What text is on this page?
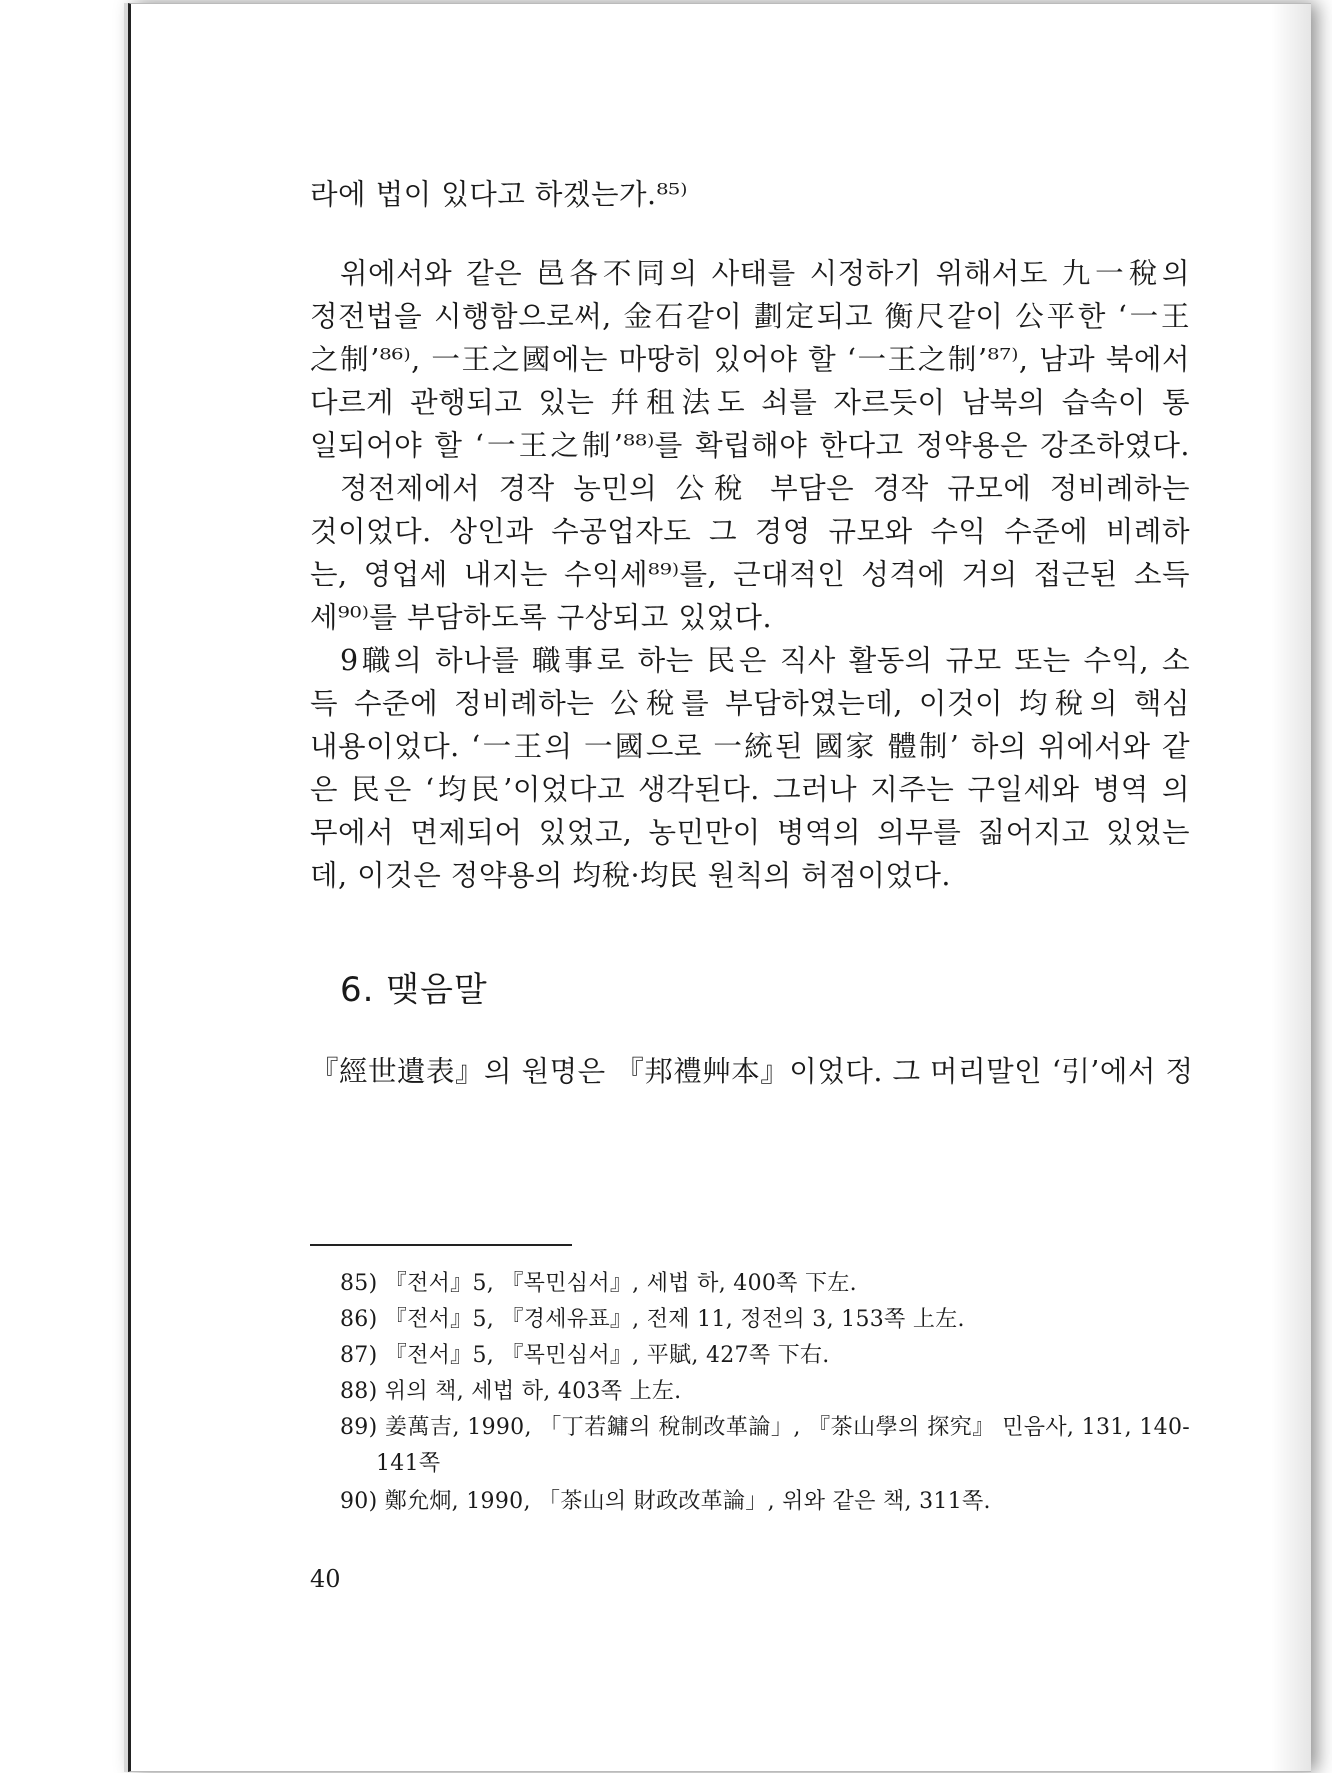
라에 법이 있다고 하겠는가.⁸⁵⁾
위에서와 같은 邑各不同의 사태를 시정하기 위해서도 九一稅의
정전법을 시행함으로써, 金石같이 劃定되고 衡尺같이 公平한 ‘一王
之制’⁸⁶⁾, 一王之國에는 마땅히 있어야 할 ‘一王之制’⁸⁷⁾, 남과 북에서
다르게 관행되고 있는 幷租法도 쇠를 자르듯이 남북의 습속이 통
일되어야 할 ‘一王之制’⁸⁸⁾를 확립해야 한다고 정약용은 강조하였다.
정전제에서 경작 농민의 公稅 부담은 경작 규모에 정비례하는
것이었다. 상인과 수공업자도 그 경영 규모와 수익 수준에 비례하
는, 영업세 내지는 수익세⁸⁹⁾를, 근대적인 성격에 거의 접근된 소득
세⁹⁰⁾를 부담하도록 구상되고 있었다.
9職의 하나를 職事로 하는 民은 직사 활동의 규모 또는 수익, 소
득 수준에 정비례하는 公稅를 부담하였는데, 이것이 均稅의 핵심
내용이었다. ‘一王의 一國으로 一統된 國家 體制’ 하의 위에서와 같
은 民은 ‘均民’이었다고 생각된다. 그러나 지주는 구일세와 병역 의
무에서 면제되어 있었고, 농민만이 병역의 의무를 짊어지고 있었는
데, 이것은 정약용의 均稅·均民 원칙의 허점이었다.
6. 맺음말
『經世遺表』의 원명은 『邦禮艸本』이었다. 그 머리말인 ‘引’에서 정
85) 『전서』5, 『목민심서』, 세법 하, 400쪽 下左.
86) 『전서』5, 『경세유표』, 전제 11, 정전의 3, 153쪽 上左.
87) 『전서』5, 『목민심서』, 平賦, 427쪽 下右.
88) 위의 책, 세법 하, 403쪽 上左.
89) 姜萬吉, 1990, 「丁若鏞의 稅制改革論」, 『茶山學의 探究』 민음사, 131, 140-
141쪽
90) 鄭允炯, 1990, 「茶山의 財政改革論」, 위와 같은 책, 311쪽.
40
